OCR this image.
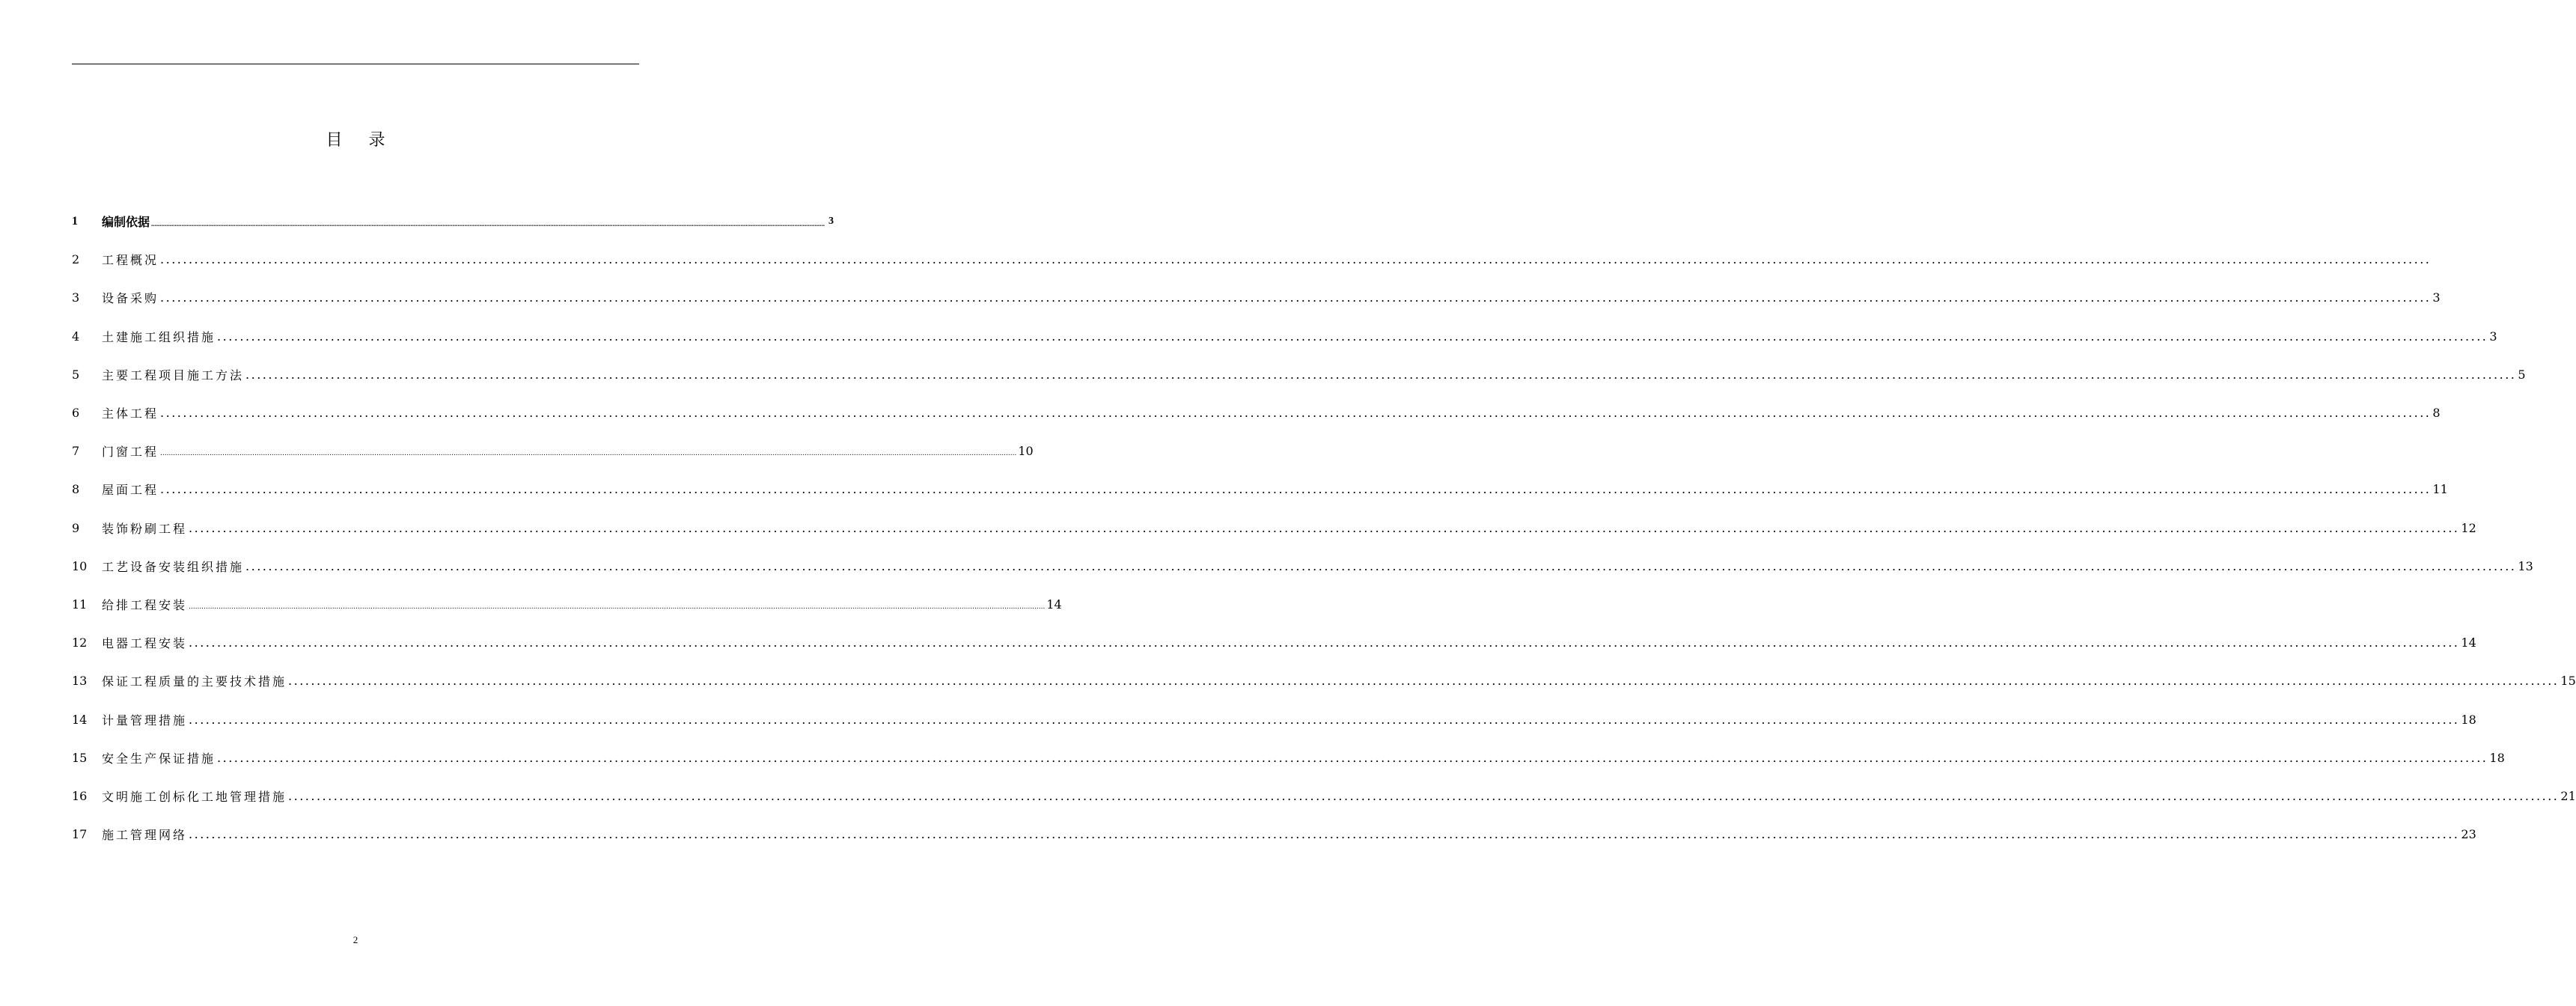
目 录
1	编制依据 ................................................................................................................................................................................................................................................................................................................................................................................................................ 3
2	工程概况 ................................................................................................................................................................................................................................................................................................................................................................................................................
3	设备采购 ................................................................................................................................................................................................................................................................................................................................................................................................................ 3
4	土建施工组织措施 ................................................................................................................................................................................................................................................................................................................................................................................................................ 3
5	主要工程项目施工方法 ................................................................................................................................................................................................................................................................................................................................................................................................................ 5
6	主体工程 ................................................................................................................................................................................................................................................................................................................................................................................................................ 8
7	门窗工程 ................................................................................................................................................................................................................................................................................................................................................................................................................ 10
8	屋面工程 ................................................................................................................................................................................................................................................................................................................................................................................................................ 11
9	装饰粉刷工程 ................................................................................................................................................................................................................................................................................................................................................................................................................ 12
10	工艺设备安装组织措施 ................................................................................................................................................................................................................................................................................................................................................................................................................ 13
11	给排工程安装 ................................................................................................................................................................................................................................................................................................................................................................................................................ 14
12	电器工程安装 ................................................................................................................................................................................................................................................................................................................................................................................................................ 14
13	保证工程质量的主要技术措施 ................................................................................................................................................................................................................................................................................................................................................................................................................ 15
14	计量管理措施 ................................................................................................................................................................................................................................................................................................................................................................................................................ 18
15	安全生产保证措施 ................................................................................................................................................................................................................................................................................................................................................................................................................ 18
16	文明施工创标化工地管理措施 ................................................................................................................................................................................................................................................................................................................................................................................................................ 21
17	施工管理网络 ................................................................................................................................................................................................................................................................................................................................................................................................................ 23
2
